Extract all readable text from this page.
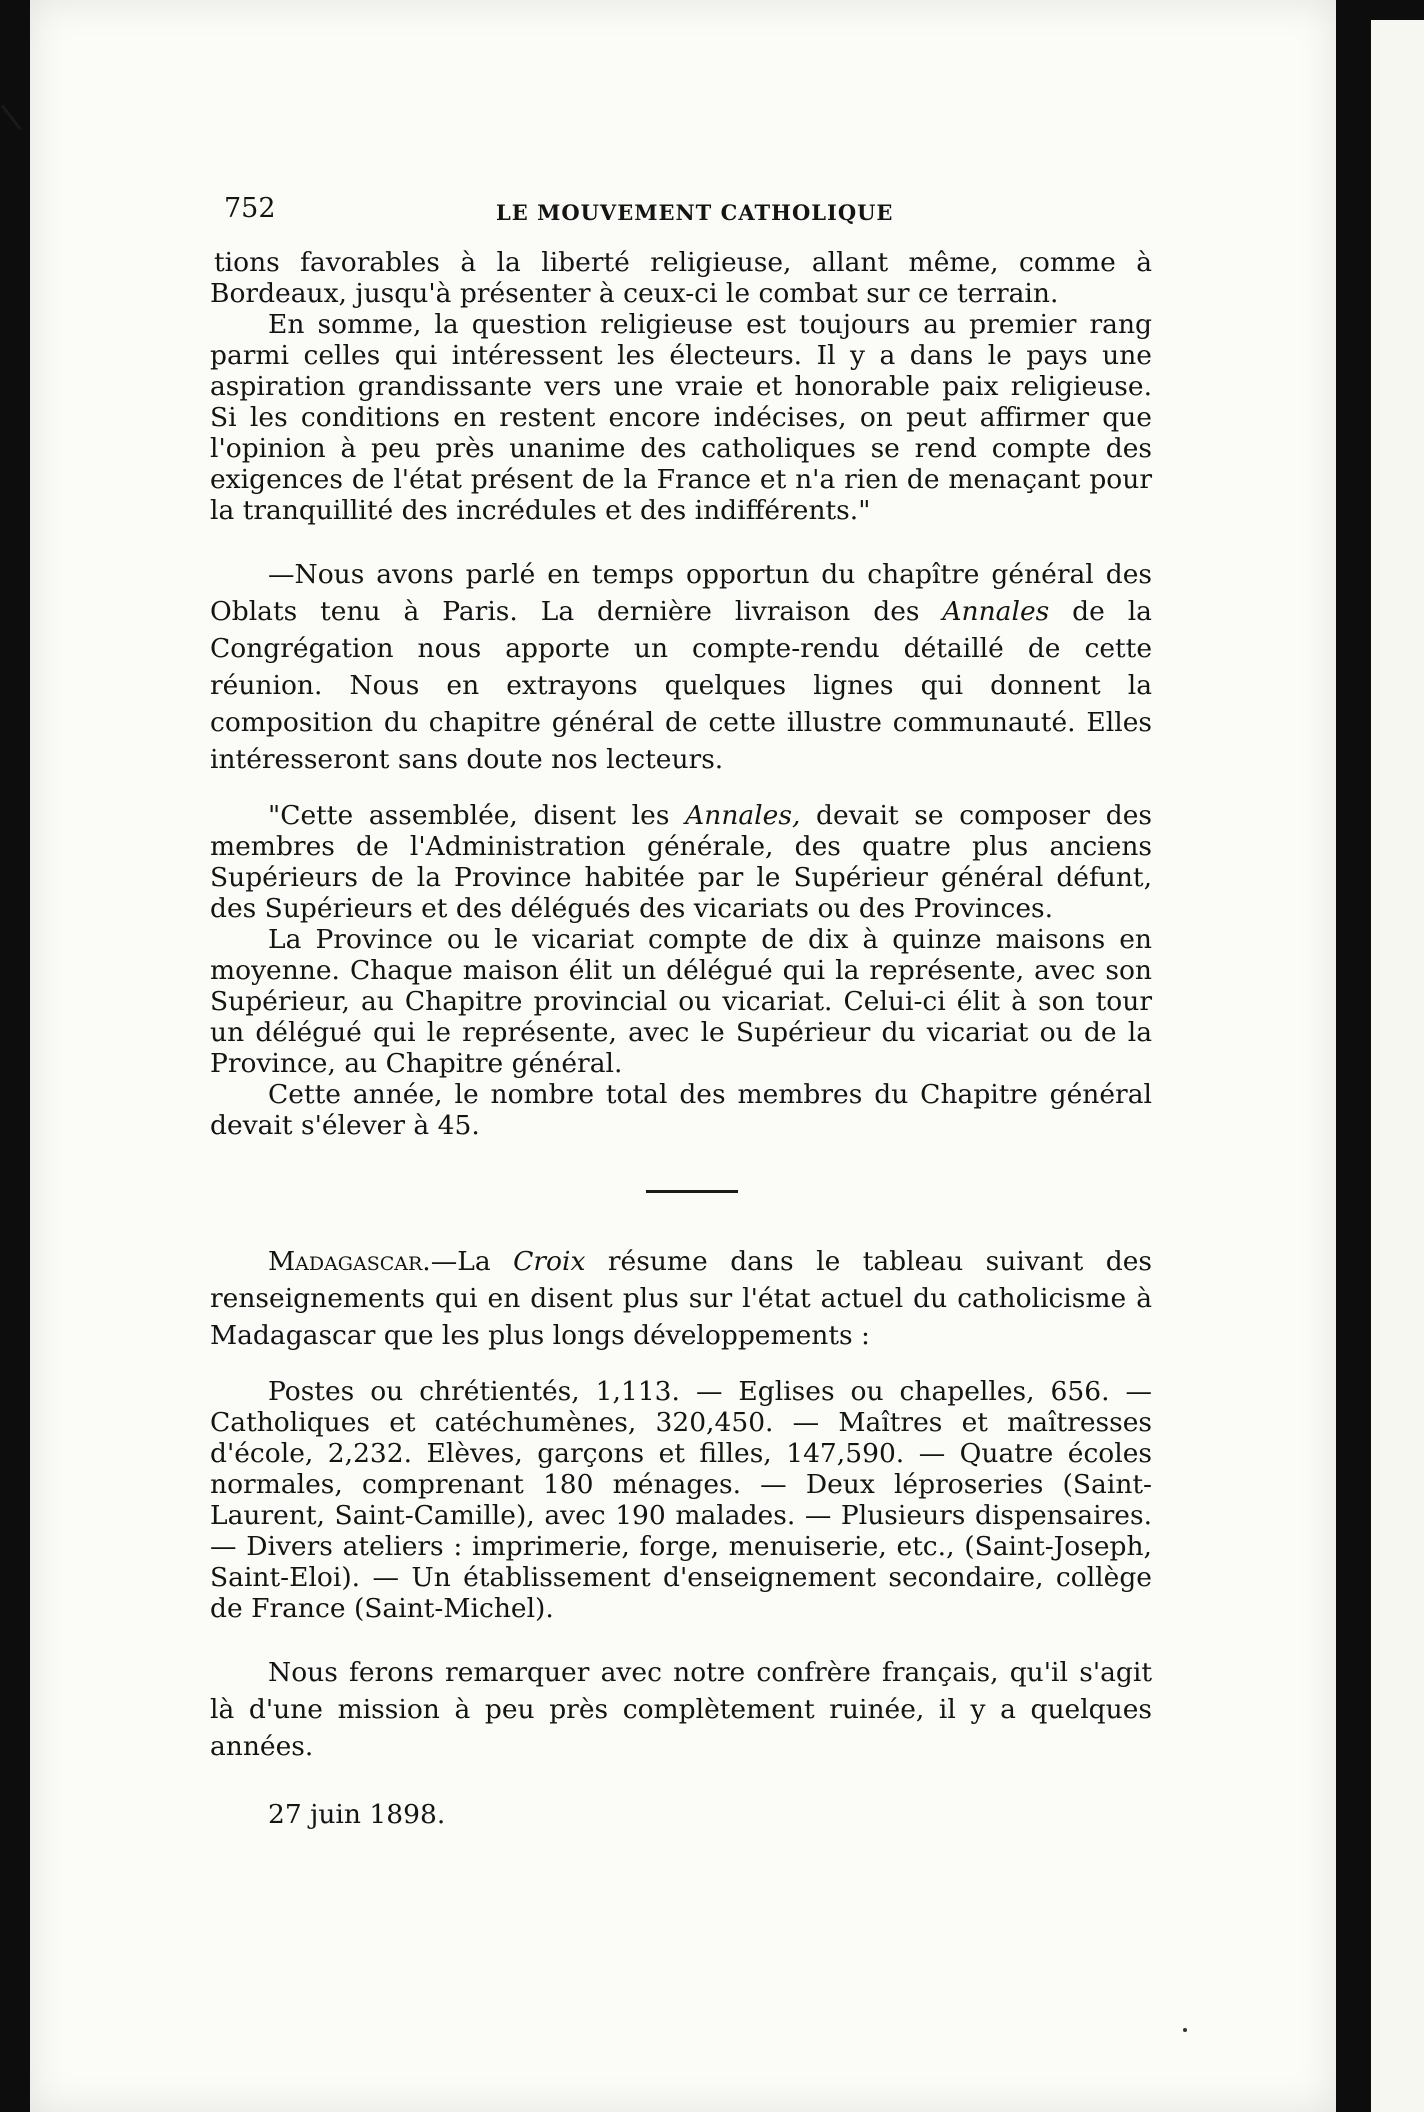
752	LE MOUVEMENT CATHOLIQUE

tions favorables à la liberté religieuse, allant même, comme à Bordeaux, jusqu'à présenter à ceux-ci le combat sur ce terrain.

En somme, la question religieuse est toujours au premier rang parmi celles qui intéressent les électeurs. Il y a dans le pays une aspiration grandissante vers une vraie et honorable paix religieuse. Si les conditions en restent encore indécises, on peut affirmer que l'opinion à peu près unanime des catholiques se rend compte des exigences de l'état présent de la France et n'a rien de menaçant pour la tranquillité des incrédules et des indifférents."

—Nous avons parlé en temps opportun du chapître général des Oblats tenu à Paris. La dernière livraison des Annales de la Congrégation nous apporte un compte-rendu détaillé de cette réunion. Nous en extrayons quelques lignes qui donnent la composition du chapitre général de cette illustre communauté. Elles intéresseront sans doute nos lecteurs.

"Cette assemblée, disent les Annales, devait se composer des membres de l'Administration générale, des quatre plus anciens Supérieurs de la Province habitée par le Supérieur général défunt, des Supérieurs et des délégués des vicariats ou des Provinces.

La Province ou le vicariat compte de dix à quinze maisons en moyenne. Chaque maison élit un délégué qui la représente, avec son Supérieur, au Chapitre provincial ou vicariat. Celui-ci élit à son tour un délégué qui le représente, avec le Supérieur du vicariat ou de la Province, au Chapitre général.

Cette année, le nombre total des membres du Chapitre général devait s'élever à 45.

Madagascar.—La Croix résume dans le tableau suivant des renseignements qui en disent plus sur l'état actuel du catholicisme à Madagascar que les plus longs développements :

Postes ou chrétientés, 1,113. — Eglises ou chapelles, 656. — Catholiques et catéchumènes, 320,450. — Maîtres et maîtresses d'école, 2,232. Elèves, garçons et filles, 147,590. — Quatre écoles normales, comprenant 180 ménages. — Deux léproseries (Saint-Laurent, Saint-Camille), avec 190 malades. — Plusieurs dispensaires. — Divers ateliers : imprimerie, forge, menuiserie, etc., (Saint-Joseph, Saint-Eloi). — Un établissement d'enseignement secondaire, collège de France (Saint-Michel).

Nous ferons remarquer avec notre confrère français, qu'il s'agit là d'une mission à peu près complètement ruinée, il y a quelques années.

27 juin 1898.
